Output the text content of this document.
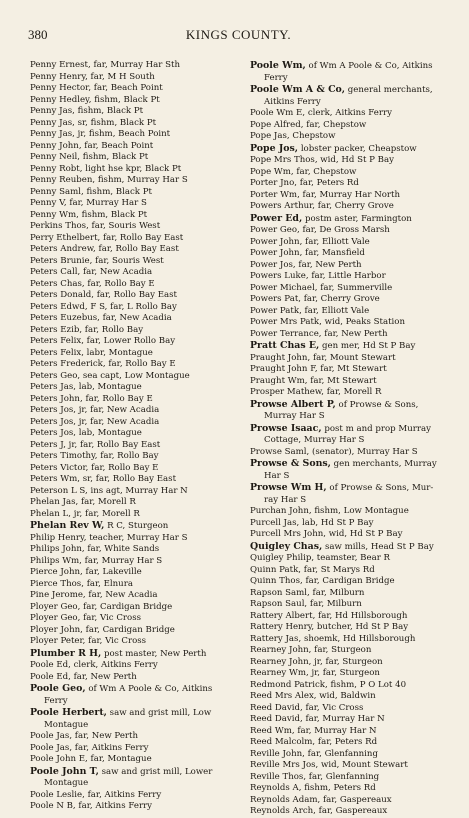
380	KINGS COUNTY.
Penny Ernest, far, Murray Har Sth
Penny Henry, far, M H South
Penny Hector, far, Beach Point
Penny Hedley, fishm, Black Pt
Penny Jas, fishm, Black Pt
Penny Jas, sr, fishm, Black Pt
Penny Jas, jr, fishm, Beach Point
Penny John, far, Beach Point
Penny Neil, fishm, Black Pt
Penny Robt, light hse kpr, Black Pt
Penny Reuben, fishm, Murray Har S
Penny Saml, fishm, Black Pt
Penny V, far, Murray Har S
Penny Wm, fishm, Black Pt
Perkins Thos, far, Souris West
Perry Ethelbert, far, Rollo Bay East
Peters Andrew, far, Rollo Bay East
Peters Brunie, far, Souris West
Peters Call, far, New Acadia
Peters Chas, far, Rollo Bay E
Peters Donald, far, Rollo Bay East
Peters Edwd, F S, far, L Rollo Bay
Peters Euzebus, far, New Acadia
Peters Ezib, far, Rollo Bay
Peters Felix, far, Lower Rollo Bay
Peters Felix, labr, Montague
Peters Frederick, far, Rollo Bay E
Peters Geo, sea capt, Low Montague
Peters Jas, lab, Montague
Peters John, far, Rollo Bay E
Peters Jos, jr, far, New Acadia
Peters Jos, jr, far, New Acadia
Peters Jos, lab, Montague
Peters J, jr, far, Rollo Bay East
Peters Timothy, far, Rollo Bay
Peters Victor, far, Rollo Bay E
Peters Wm, sr, far, Rollo Bay East
Peterson L S, ins agt, Murray Har N
Phelan Jas, far, Morell R
Phelan L, jr, far, Morell R
Phelan Rev W, R C, Sturgeon
Philip Henry, teacher, Murray Har S
Philips John, far, White Sands
Philips Wm, far, Murray Har S
Pierce John, far, Lakeville
Pierce Thos, far, Elnura
Pine Jerome, far, New Acadia
Ployer Geo, far, Cardigan Bridge
Ployer Geo, far, Vic Cross
Ployer John, far, Cardigan Bridge
Ployer Peter, far, Vic Cross
Plumber R H, post master, New Perth
Poole Ed, clerk, Aitkins Ferry
Poole Ed, far, New Perth
Poole Geo, of Wm A Poole & Co, Aitkins
Ferry
Poole Herbert, saw and grist mill, Low
Montague
Poole Jas, far, New Perth
Poole Jas, far, Aitkins Ferry
Poole John E, far, Montague
Poole John T, saw and grist mill, Lower
Montague
Poole Leslie, far, Aitkins Ferry
Poole N B, far, Aitkins Ferry
Poole Wm, of Wm A Poole & Co, Aitkins
Ferry
Poole Wm A & Co, general merchants,
Aitkins Ferry
Poole Wm E, clerk, Aitkins Ferry
Pope Alfred, far, Chepstow
Pope Jas, Chepstow
Pope Jos, lobster packer, Cheapstow
Pope Mrs Thos, wid, Hd St P Bay
Pope Wm, far, Chepstow
Porter Jno, far, Peters Rd
Porter Wm, far, Murray Har North
Powers Arthur, far, Cherry Grove
Power Ed, postm aster, Farmington
Power Geo, far, De Gross Marsh
Power John, far, Elliott Vale
Power John, far, Mansfield
Power Jos, far, New Perth
Powers Luke, far, Little Harbor
Power Michael, far, Summerville
Powers Pat, far, Cherry Grove
Power Patk, far, Elliott Vale
Power Mrs Patk, wid, Peaks Station
Power Terrance, far, New Perth
Pratt Chas E, gen mer, Hd St P Bay
Praught John, far, Mount Stewart
Praught John F, far, Mt Stewart
Praught Wm, far, Mt Stewart
Prosper Mathew, far, Morell R
Prowse Albert P, of Prowse & Sons,
Murray Har S
Prowse Isaac, post m and prop Murray
Cottage, Murray Har S
Prowse Saml, (senator), Murray Har S
Prowse & Sons, gen merchants, Murray
Har S
Prowse Wm H, of Prowse & Sons, Mur-
ray Har S
Purchan John, fishm, Low Montague
Purcell Jas, lab, Hd St P Bay
Purcell Mrs John, wid, Hd St P Bay
Quigley Chas, saw mills, Head St P Bay
Quigley Philip, teamster, Bear R
Quinn Patk, far, St Marys Rd
Quinn Thos, far, Cardigan Bridge
Rapson Saml, far, Milburn
Rapson Saul, far, Milburn
Rattery Albert, far, Hd Hillsborough
Rattery Henry, butcher, Hd St P Bay
Rattery Jas, shoemk, Hd Hillsborough
Rearney John, far, Sturgeon
Rearney John, jr, far, Sturgeon
Rearney Wm, jr, far, Sturgeon
Redmond Patrick, fishm, P O Lot 40
Reed Mrs Alex, wid, Baldwin
Reed David, far, Vic Cross
Reed David, far, Murray Har N
Reed Wm, far, Murray Har N
Reed Malcolm, far, Peters Rd
Reville John, far, Glenfanning
Reville Mrs Jos, wid, Mount Stewart
Reville Thos, far, Glenfanning
Reynolds A, fishm, Peters Rd
Reynolds Adam, far, Gaspereaux
Reynolds Arch, far, Gaspereaux
